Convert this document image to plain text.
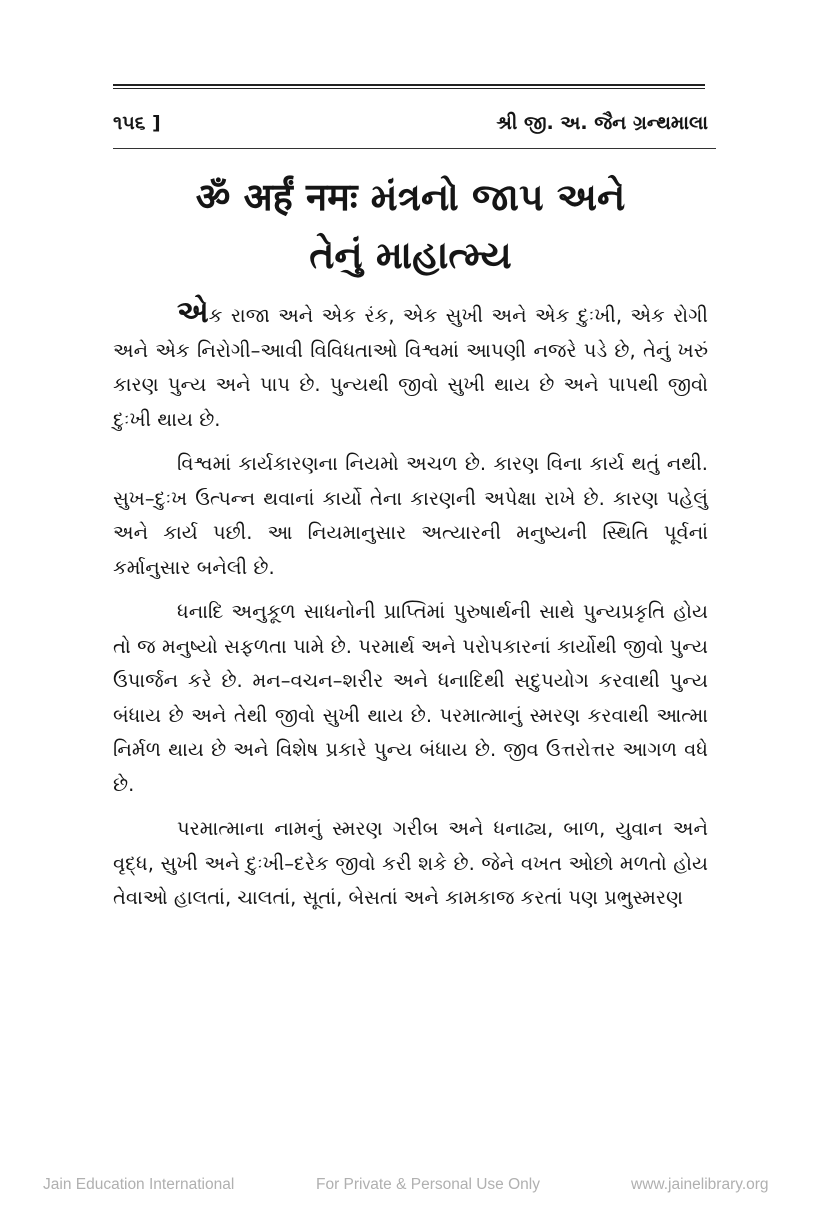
૧૫૬ ]	શ્રી જી. અ. જૈન ગ્રન્થમાલા
ॐ अर्हं नमः મંત્રનો જાપ અને
તેનું માહાત્મ્ય

એક રાજા અને એક રંક, એક સુખી અને એક દુઃખી, એક રોગી અને એક નિરોગી–આવી વિવિધતાઓ વિશ્વમાં આપણી નજરે પડે છે, તેનું ખરું કારણ પુન્ય અને પાપ છે. પુન્યથી જીવો સુખી થાય છે અને પાપથી જીવો દુઃખી થાય છે.

વિશ્વમાં કાર્યકારણના નિયમો અચળ છે. કારણ વિના કાર્ય થતું નથી. સુખ–દુઃખ ઉત્પન્ન થવાનાં કાર્યો તેના કારણની અપેક્ષા રાખે છે. કારણ પહેલું અને કાર્ય પછી. આ નિયમાનુસાર અત્યારની મનુષ્યની સ્થિતિ પૂર્વનાં કર્માનુસાર બનેલી છે.

ધનાદિ અનુકૂળ સાધનોની પ્રાપ્તિમાં પુરુષાર્થની સાથે પુન્યપ્રકૃતિ હોય તો જ મનુષ્યો સફળતા પામે છે. પરમાર્થ અને પરોપકારનાં કાર્યોથી જીવો પુન્ય ઉપાર્જન કરે છે. મન–વચન–શરીર અને ધનાદિથી સદુપયોગ કરવાથી પુન્ય બંધાય છે અને તેથી જીવો સુખી થાય છે. પરમાત્માનું સ્મરણ કરવાથી આત્મા નિર્મળ થાય છે અને વિશેષ પ્રકારે પુન્ય બંધાય છે. જીવ ઉત્તરોત્તર આગળ વધે છે.

પરમાત્માના નામનું સ્મરણ ગરીબ અને ધનાઢ્ય, બાળ, યુવાન અને વૃદ્ધ, સુખી અને દુઃખી–દરેક જીવો કરી શકે છે. જેને વખત ઓછો મળતો હોય તેવાઓ હાલતાં, ચાલતાં, સૂતાં, બેસતાં અને કામકાજ કરતાં પણ પ્રભુસ્મરણ

Jain Education International	For Private & Personal Use Only	www.jainelibrary.org
